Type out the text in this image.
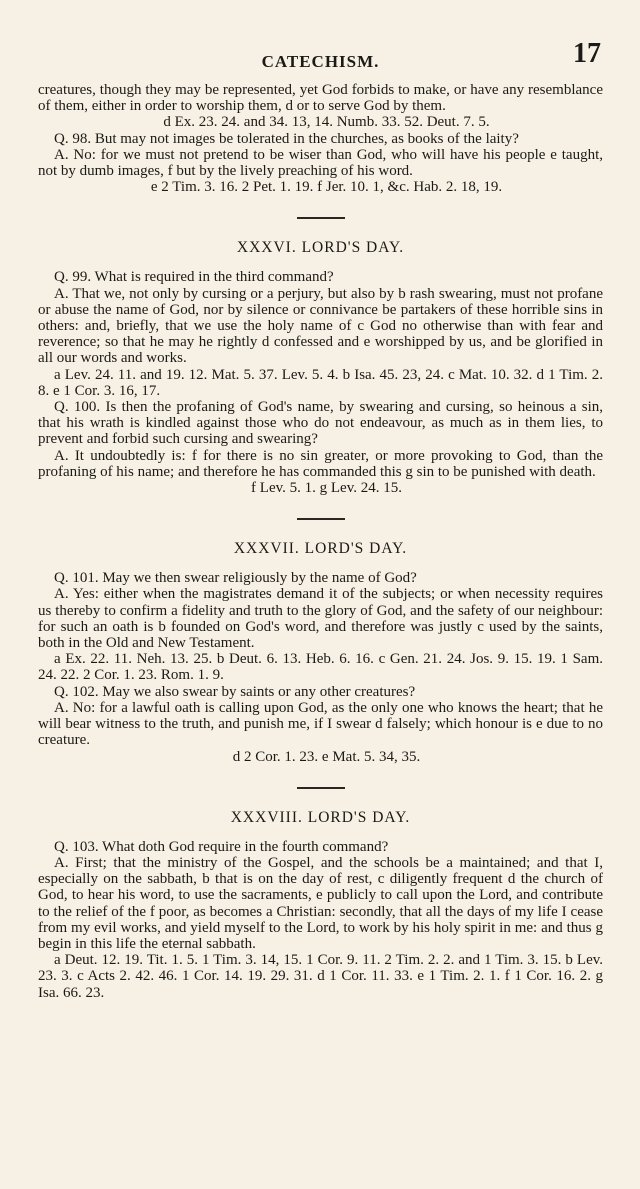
CATECHISM.	17

creatures, though they may be represented, yet God forbids to make, or have any resemblance of them, either in order to worship them, d or to serve God by them.

d Ex. 23. 24. and 34. 13, 14. Numb. 33. 52. Deut. 7. 5.

Q. 98. But may not images be tolerated in the churches, as books of the laity?

A. No: for we must not pretend to be wiser than God, who will have his people e taught, not by dumb images, f but by the lively preaching of his word.

e 2 Tim. 3. 16. 2 Pet. 1. 19. f Jer. 10. 1, &c. Hab. 2. 18, 19.

XXXVI. LORD'S DAY.

Q. 99. What is required in the third command?

A. That we, not only by cursing or a perjury, but also by b rash swearing, must not profane or abuse the name of God, nor by silence or connivance be partakers of these horrible sins in others: and, briefly, that we use the holy name of c God no otherwise than with fear and reverence; so that he may he rightly d confessed and e worshipped by us, and be glorified in all our words and works.

a Lev. 24. 11. and 19. 12. Mat. 5. 37. Lev. 5. 4. b Isa. 45. 23, 24. c Mat. 10. 32. d 1 Tim. 2. 8. e 1 Cor. 3. 16, 17.

Q. 100. Is then the profaning of God's name, by swearing and cursing, so heinous a sin, that his wrath is kindled against those who do not endeavour, as much as in them lies, to prevent and forbid such cursing and swearing?

A. It undoubtedly is: f for there is no sin greater, or more provoking to God, than the profaning of his name; and therefore he has commanded this g sin to be punished with death.

f Lev. 5. 1. g Lev. 24. 15.

XXXVII. LORD'S DAY.

Q. 101. May we then swear religiously by the name of God?

A. Yes: either when the magistrates demand it of the subjects; or when necessity requires us thereby to confirm a fidelity and truth to the glory of God, and the safety of our neighbour: for such an oath is b founded on God's word, and therefore was justly c used by the saints, both in the Old and New Testament.

a Ex. 22. 11. Neh. 13. 25. b Deut. 6. 13. Heb. 6. 16. c Gen. 21. 24. Jos. 9. 15. 19. 1 Sam. 24. 22. 2 Cor. 1. 23. Rom. 1. 9.

Q. 102. May we also swear by saints or any other creatures?

A. No: for a lawful oath is calling upon God, as the only one who knows the heart; that he will bear witness to the truth, and punish me, if I swear d falsely; which honour is e due to no creature.

d 2 Cor. 1. 23. e Mat. 5. 34, 35.

XXXVIII. LORD'S DAY.

Q. 103. What doth God require in the fourth command?

A. First; that the ministry of the Gospel, and the schools be a maintained; and that I, especially on the sabbath, b that is on the day of rest, c diligently frequent d the church of God, to hear his word, to use the sacraments, e publicly to call upon the Lord, and contribute to the relief of the f poor, as becomes a Christian: secondly, that all the days of my life I cease from my evil works, and yield myself to the Lord, to work by his holy spirit in me: and thus g begin in this life the eternal sabbath.

a Deut. 12. 19. Tit. 1. 5. 1 Tim. 3. 14, 15. 1 Cor. 9. 11. 2 Tim. 2. 2. and 1 Tim. 3. 15. b Lev. 23. 3. c Acts 2. 42. 46. 1 Cor. 14. 19. 29. 31. d 1 Cor. 11. 33. e 1 Tim. 2. 1. f 1 Cor. 16. 2. g Isa. 66. 23.
